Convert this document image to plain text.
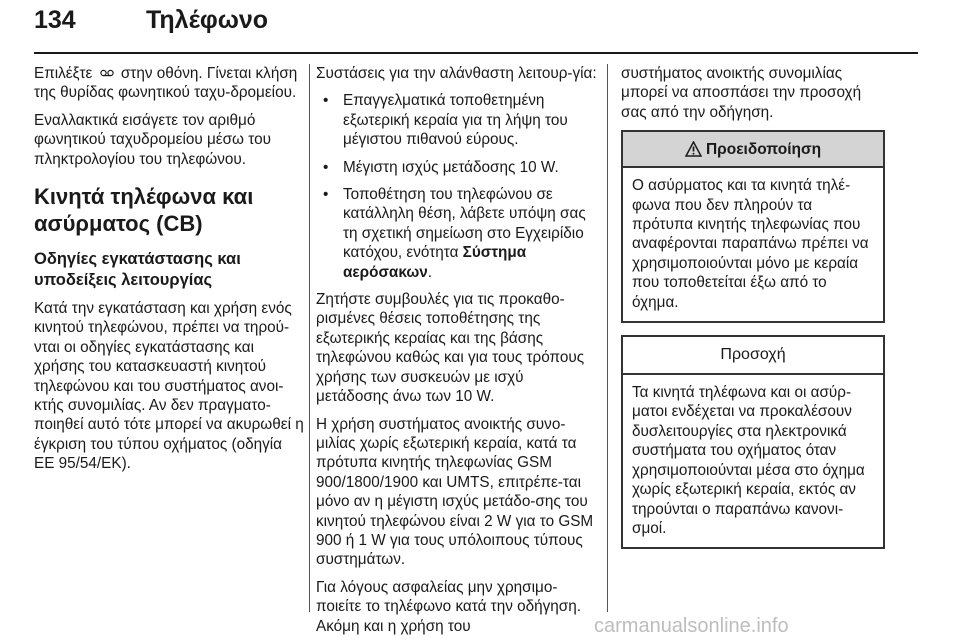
134	Τηλέφωνο

Επιλέξτε στην οθόνη. Γίνεται κλήση της θυρίδας φωνητικού ταχυ-δρομείου.

Εναλλακτικά εισάγετε τον αριθμό φωνητικού ταχυδρομείου μέσω του πληκτρολογίου του τηλεφώνου.

Κινητά τηλέφωνα και ασύρματος (CB)
Οδηγίες εγκατάστασης και υποδείξεις λειτουργίας

Κατά την εγκατάσταση και χρήση ενός κινητού τηλεφώνου, πρέπει να τηρού-νται οι οδηγίες εγκατάστασης και χρήσης του κατασκευαστή κινητού τηλεφώνου και του συστήματος ανοι-κτής συνομιλίας. Αν δεν πραγματο-ποιηθεί αυτό τότε μπορεί να ακυρωθεί η έγκριση του τύπου οχήματος (οδηγία ΕΕ 95/54/ΕΚ).

Συστάσεις για την αλάνθαστη λειτουρ-γία:

• Επαγγελματικά τοποθετημένη εξωτερική κεραία για τη λήψη του μέγιστου πιθανού εύρους.
• Μέγιστη ισχύς μετάδοσης 10 W.
• Τοποθέτηση του τηλεφώνου σε κατάλληλη θέση, λάβετε υπόψη σας τη σχετική σημείωση στο Εγχειρίδιο κατόχου, ενότητα Σύστημα αερόσακων.

Ζητήστε συμβουλές για τις προκαθο-ρισμένες θέσεις τοποθέτησης της εξωτερικής κεραίας και της βάσης τηλεφώνου καθώς και για τους τρόπους χρήσης των συσκευών με ισχύ μετάδοσης άνω των 10 W.

Η χρήση συστήματος ανοικτής συνο-μιλίας χωρίς εξωτερική κεραία, κατά τα πρότυπα κινητής τηλεφωνίας GSM 900/1800/1900 και UMTS, επιτρέπε-ται μόνο αν η μέγιστη ισχύς μετάδο-σης του κινητού τηλεφώνου είναι 2 W για το GSM 900 ή 1 W για τους υπόλοιπους τύπους συστημάτων.

Για λόγους ασφαλείας μην χρησιμο-ποιείτε το τηλέφωνο κατά την οδήγηση. Ακόμη και η χρήση του

συστήματος ανοικτής συνομιλίας μπορεί να αποσπάσει την προσοχή σας από την οδήγηση.

Προειδοποίηση
Ο ασύρματος και τα κινητά τηλέ-φωνα που δεν πληρούν τα πρότυπα κινητής τηλεφωνίας που αναφέρονται παραπάνω πρέπει να χρησιμοποιούνται μόνο με κεραία που τοποθετείται έξω από το όχημα.
Προσοχή
Τα κινητά τηλέφωνα και οι ασύρ-ματοι ενδέχεται να προκαλέσουν δυσλειτουργίες στα ηλεκτρονικά συστήματα του οχήματος όταν χρησιμοποιούνται μέσα στο όχημα χωρίς εξωτερική κεραία, εκτός αν τηρούνται ο παραπάνω κανονι-σμοί.
carmanualsonline.info
